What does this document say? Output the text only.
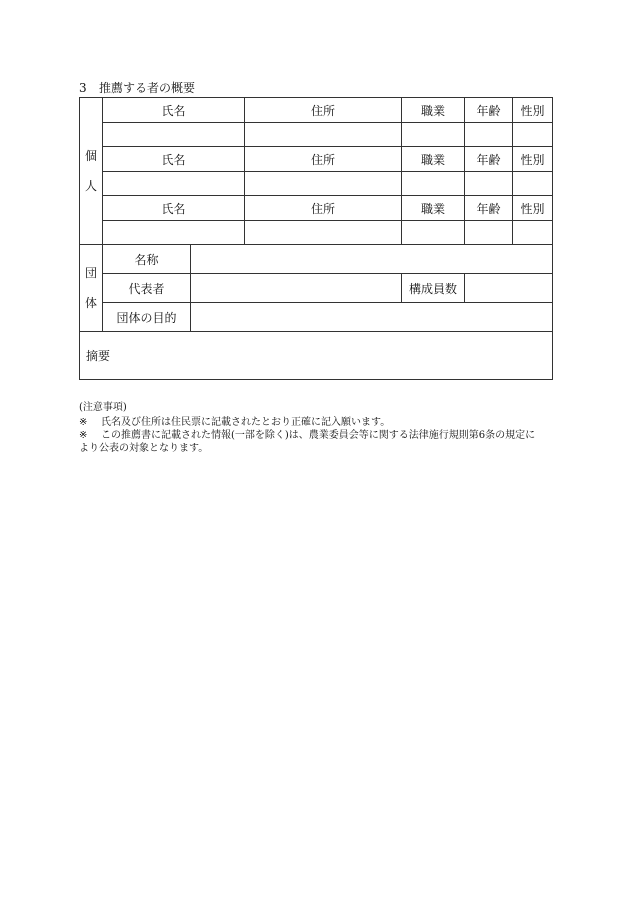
3 推薦する者の概要
個
人	氏名		住所	職業	年齢	性別

	氏名		住所	職業	年齢	性別

	氏名		住所	職業	年齢	性別

団
体	名称					
	代表者			構成員数		
	団体の目的					
摘要						
(注意事項)
※ 氏名及び住所は住民票に記載されたとおり正確に記入願います。
※ この推薦書に記載された情報(一部を除く)は、農業委員会等に関する法律施行規則第6条の規定に
より公表の対象となります。
